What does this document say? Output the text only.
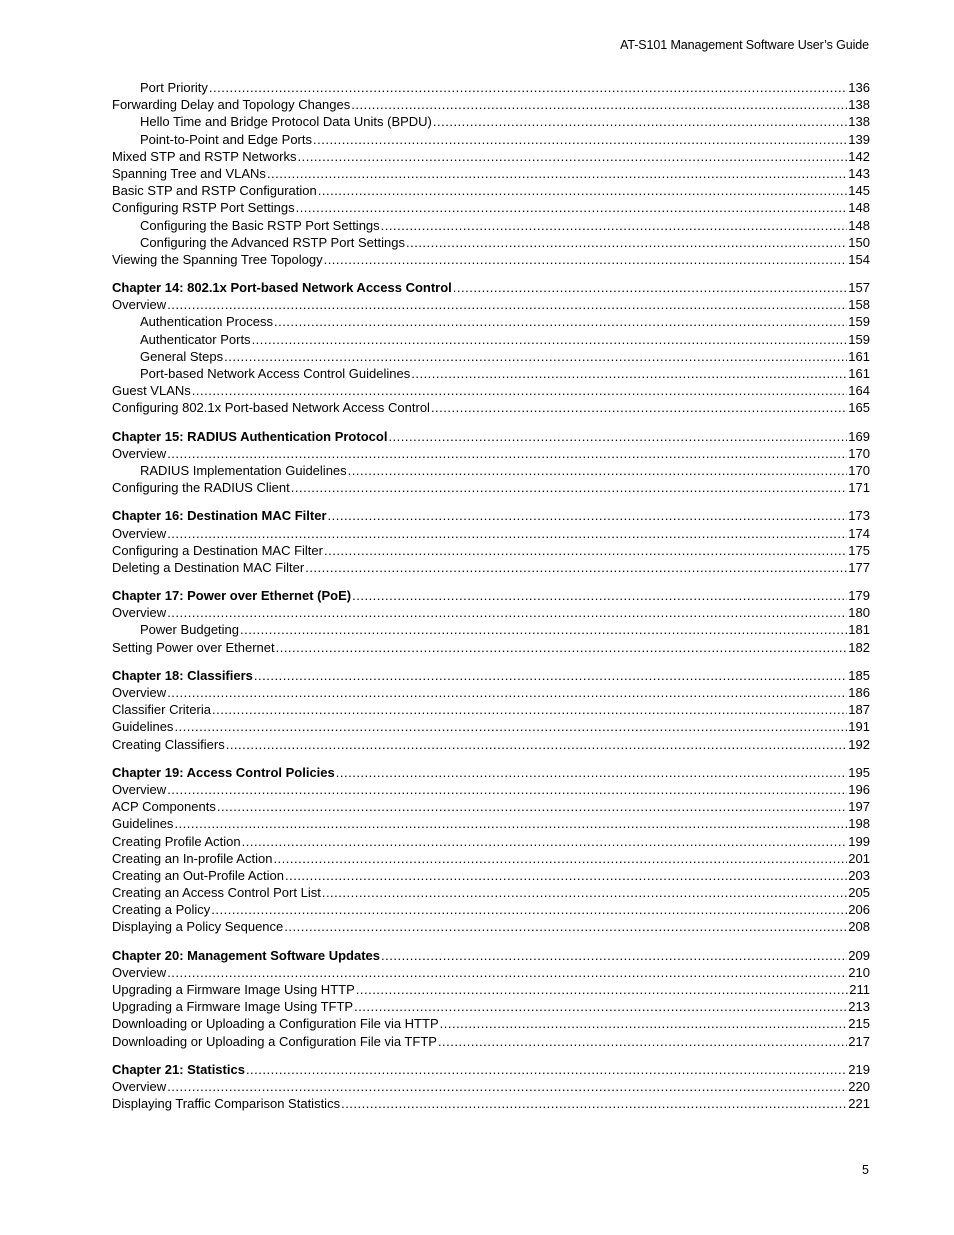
AT-S101 Management Software User’s Guide
Port Priority .....	136
Forwarding Delay and Topology Changes .....	138
Hello Time and Bridge Protocol Data Units (BPDU) .....	138
Point-to-Point and Edge Ports .....	139
Mixed STP and RSTP Networks .....	142
Spanning Tree and VLANs .....	143
Basic STP and RSTP Configuration .....	145
Configuring RSTP Port Settings .....	148
Configuring the Basic RSTP Port Settings .....	148
Configuring the Advanced RSTP Port Settings .....	150
Viewing the Spanning Tree Topology .....	154
Chapter 14: 802.1x Port-based Network Access Control .....	157
Overview .....	158
Authentication Process .....	159
Authenticator Ports .....	159
General Steps .....	161
Port-based Network Access Control Guidelines .....	161
Guest VLANs .....	164
Configuring 802.1x Port-based Network Access Control .....	165
Chapter 15: RADIUS Authentication Protocol .....	169
Overview .....	170
RADIUS Implementation Guidelines .....	170
Configuring the RADIUS Client .....	171
Chapter 16: Destination MAC Filter .....	173
Overview .....	174
Configuring a Destination MAC Filter .....	175
Deleting a Destination MAC Filter .....	177
Chapter 17: Power over Ethernet (PoE) .....	179
Overview .....	180
Power Budgeting .....	181
Setting Power over Ethernet .....	182
Chapter 18: Classifiers .....	185
Overview .....	186
Classifier Criteria .....	187
Guidelines .....	191
Creating Classifiers .....	192
Chapter 19: Access Control Policies .....	195
Overview .....	196
ACP Components .....	197
Guidelines .....	198
Creating Profile Action .....	199
Creating an In-profile Action .....	201
Creating an Out-Profile Action .....	203
Creating an Access Control Port List .....	205
Creating a Policy .....	206
Displaying a Policy Sequence .....	208
Chapter 20: Management Software Updates .....	209
Overview .....	210
Upgrading a Firmware Image Using HTTP .....	211
Upgrading a Firmware Image Using TFTP .....	213
Downloading or Uploading a Configuration File via HTTP .....	215
Downloading or Uploading a Configuration File via TFTP .....	217
Chapter 21: Statistics .....	219
Overview .....	220
Displaying Traffic Comparison Statistics .....	221
5
